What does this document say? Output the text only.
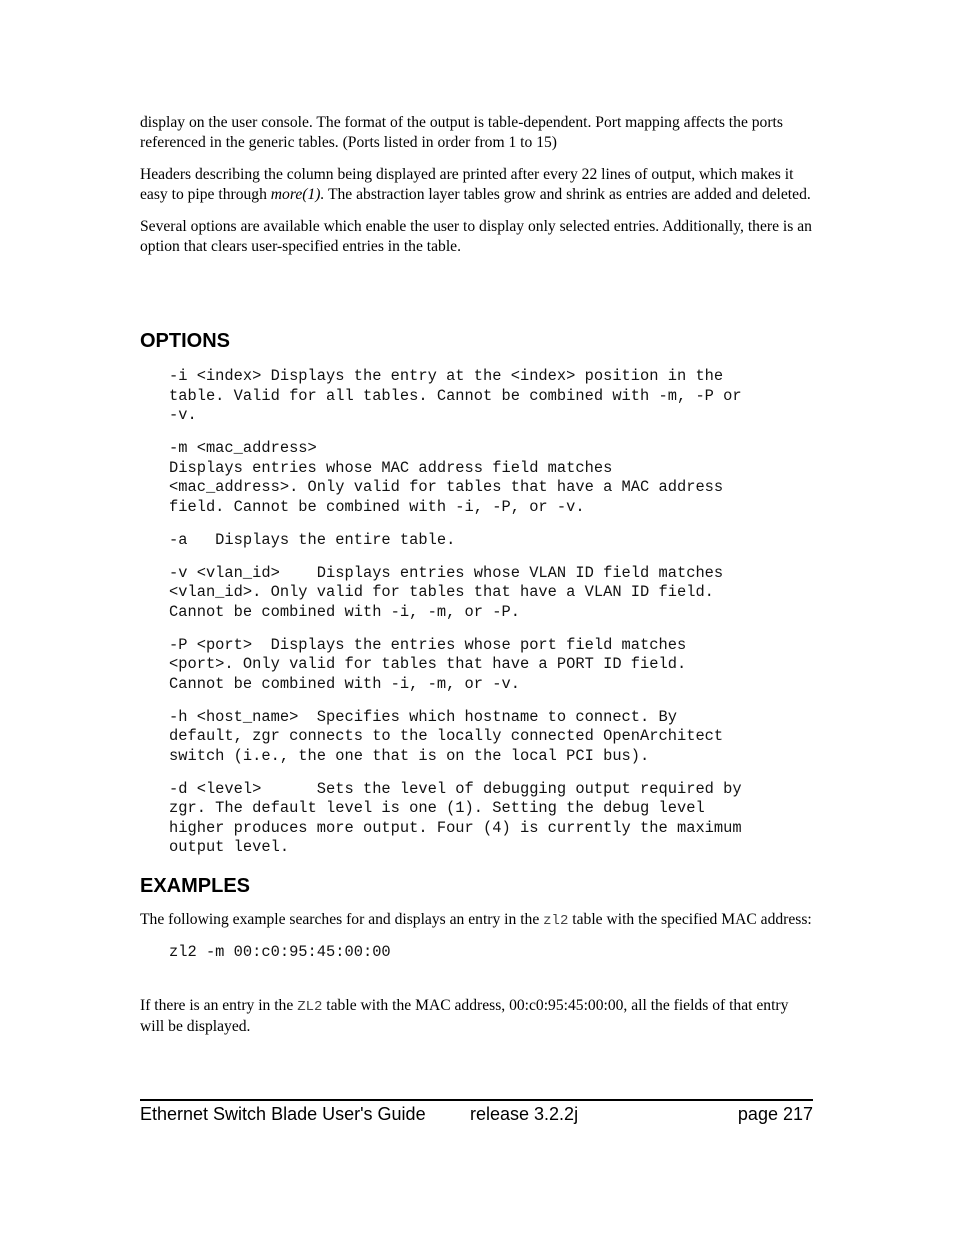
display on the user console. The format of the output is table-dependent. Port mapping affects the ports referenced in the generic tables. (Ports listed in order from 1 to 15)

Headers describing the column being displayed are printed after every 22 lines of output, which makes it easy to pipe through more(1). The abstraction layer tables grow and shrink as entries are added and deleted.

Several options are available which enable the user to display only selected entries. Additionally, there is an option that clears user-specified entries in the table.

OPTIONS
-i <index> Displays the entry at the <index> position in the
table. Valid for all tables. Cannot be combined with -m, -P or
-v.
-m <mac_address>
Displays entries whose MAC address field matches
<mac_address>. Only valid for tables that have a MAC address
field. Cannot be combined with -i, -P, or -v.
-a   Displays the entire table.
-v <vlan_id>    Displays entries whose VLAN ID field matches
<vlan_id>. Only valid for tables that have a VLAN ID field.
Cannot be combined with -i, -m, or -P.
-P <port>  Displays the entries whose port field matches
<port>. Only valid for tables that have a PORT ID field.
Cannot be combined with -i, -m, or -v.
-h <host_name>  Specifies which hostname to connect. By
default, zgr connects to the locally connected OpenArchitect
switch (i.e., the one that is on the local PCI bus).
-d <level>      Sets the level of debugging output required by
zgr. The default level is one (1). Setting the debug level
higher produces more output. Four (4) is currently the maximum
output level.
EXAMPLES

The following example searches for and displays an entry in the zl2 table with the specified MAC address:

zl2 -m 00:c0:95:45:00:00

If there is an entry in the ZL2 table with the MAC address, 00:c0:95:45:00:00, all the fields of that entry will be displayed.

Ethernet Switch Blade User's Guide release 3.2.2j	page 217
